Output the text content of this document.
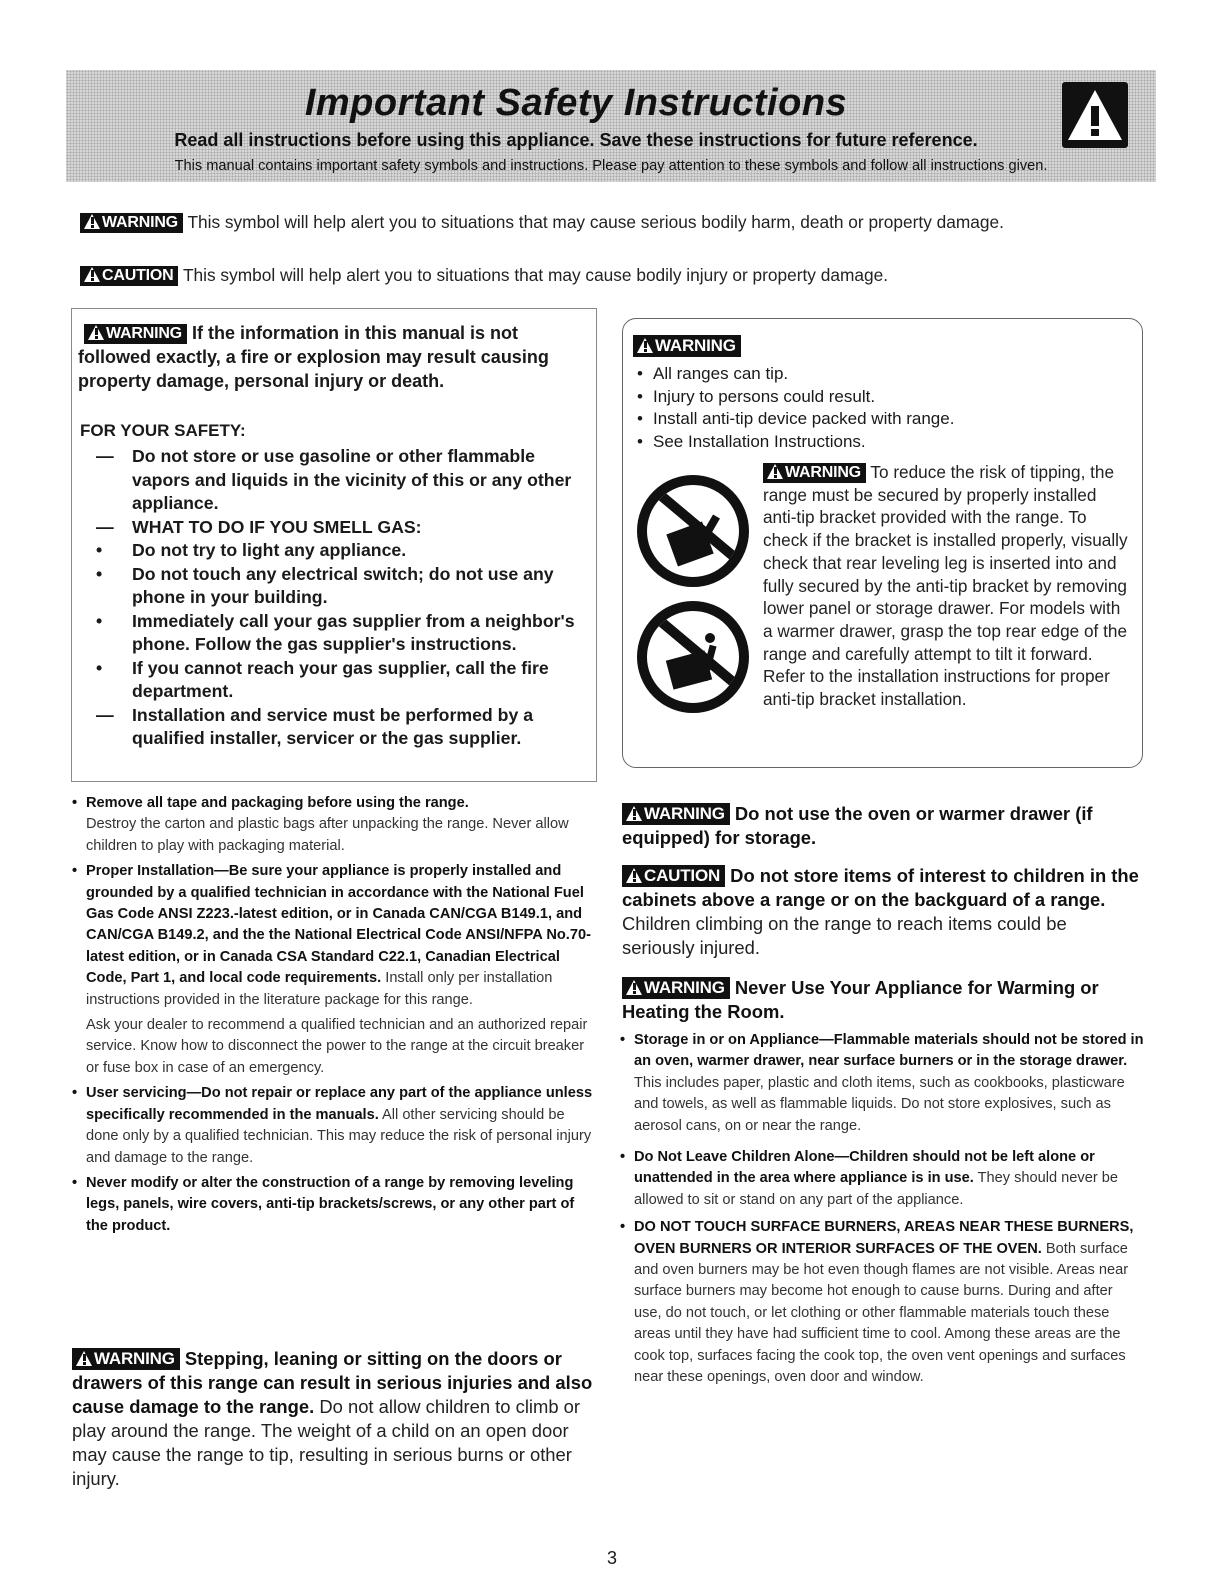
Important Safety Instructions
Read all instructions before using this appliance. Save these instructions for future reference.
This manual contains important safety symbols and instructions. Please pay attention to these symbols and follow all instructions given.
WARNING This symbol will help alert you to situations that may cause serious bodily harm, death or property damage.
CAUTION This symbol will help alert you to situations that may cause bodily injury or property damage.
WARNING If the information in this manual is not followed exactly, a fire or explosion may result causing property damage, personal injury or death.
FOR YOUR SAFETY:
—	Do not store or use gasoline or other flammable vapors and liquids in the vicinity of this or any other appliance.
—	WHAT TO DO IF YOU SMELL GAS:
•	Do not try to light any appliance.
•	Do not touch any electrical switch; do not use any phone in your building.
•	Immediately call your gas supplier from a neighbor's phone. Follow the gas supplier's instructions.
•	If you cannot reach your gas supplier, call the fire department.
—	Installation and service must be performed by a qualified installer, servicer or the gas supplier.
WARNING
• All ranges can tip.
• Injury to persons could result.
• Install anti-tip device packed with range.
• See Installation Instructions.
WARNING To reduce the risk of tipping, the range must be secured by properly installed anti-tip bracket provided with the range. To check if the bracket is installed properly, visually check that rear leveling leg is inserted into and fully secured by the anti-tip bracket by removing lower panel or storage drawer. For models with a warmer drawer, grasp the top rear edge of the range and carefully attempt to tilt it forward. Refer to the installation instructions for proper anti-tip bracket installation.
• Remove all tape and packaging before using the range.
Destroy the carton and plastic bags after unpacking the range. Never allow children to play with packaging material.
• Proper Installation—Be sure your appliance is properly installed and grounded by a qualified technician in accordance with the National Fuel Gas Code ANSI Z223.-latest edition, or in Canada CAN/CGA B149.1, and CAN/CGA B149.2, and the the National Electrical Code ANSI/NFPA No.70-latest edition, or in Canada CSA Standard C22.1, Canadian Electrical Code, Part 1, and local code requirements. Install only per installation instructions provided in the literature package for this range.
Ask your dealer to recommend a qualified technician and an authorized repair service. Know how to disconnect the power to the range at the circuit breaker or fuse box in case of an emergency.
• User servicing—Do not repair or replace any part of the appliance unless specifically recommended in the manuals. All other servicing should be done only by a qualified technician. This may reduce the risk of personal injury and damage to the range.
• Never modify or alter the construction of a range by removing leveling legs, panels, wire covers, anti-tip brackets/screws, or any other part of the product.
WARNING Stepping, leaning or sitting on the doors or drawers of this range can result in serious injuries and also cause damage to the range. Do not allow children to climb or play around the range. The weight of a child on an open door may cause the range to tip, resulting in serious burns or other injury.
WARNING Do not use the oven or warmer drawer (if equipped) for storage.
CAUTION Do not store items of interest to children in the cabinets above a range or on the backguard of a range. Children climbing on the range to reach items could be seriously injured.
WARNING Never Use Your Appliance for Warming or Heating the Room.
• Storage in or on Appliance—Flammable materials should not be stored in an oven, warmer drawer, near surface burners or in the storage drawer. This includes paper, plastic and cloth items, such as cookbooks, plasticware and towels, as well as flammable liquids. Do not store explosives, such as aerosol cans, on or near the range.
• Do Not Leave Children Alone—Children should not be left alone or unattended in the area where appliance is in use. They should never be allowed to sit or stand on any part of the appliance.
• DO NOT TOUCH SURFACE BURNERS, AREAS NEAR THESE BURNERS, OVEN BURNERS OR INTERIOR SURFACES OF THE OVEN. Both surface and oven burners may be hot even though flames are not visible. Areas near surface burners may become hot enough to cause burns. During and after use, do not touch, or let clothing or other flammable materials touch these areas until they have had sufficient time to cool. Among these areas are the cook top, surfaces facing the cook top, the oven vent openings and surfaces near these openings, oven door and window.
3
